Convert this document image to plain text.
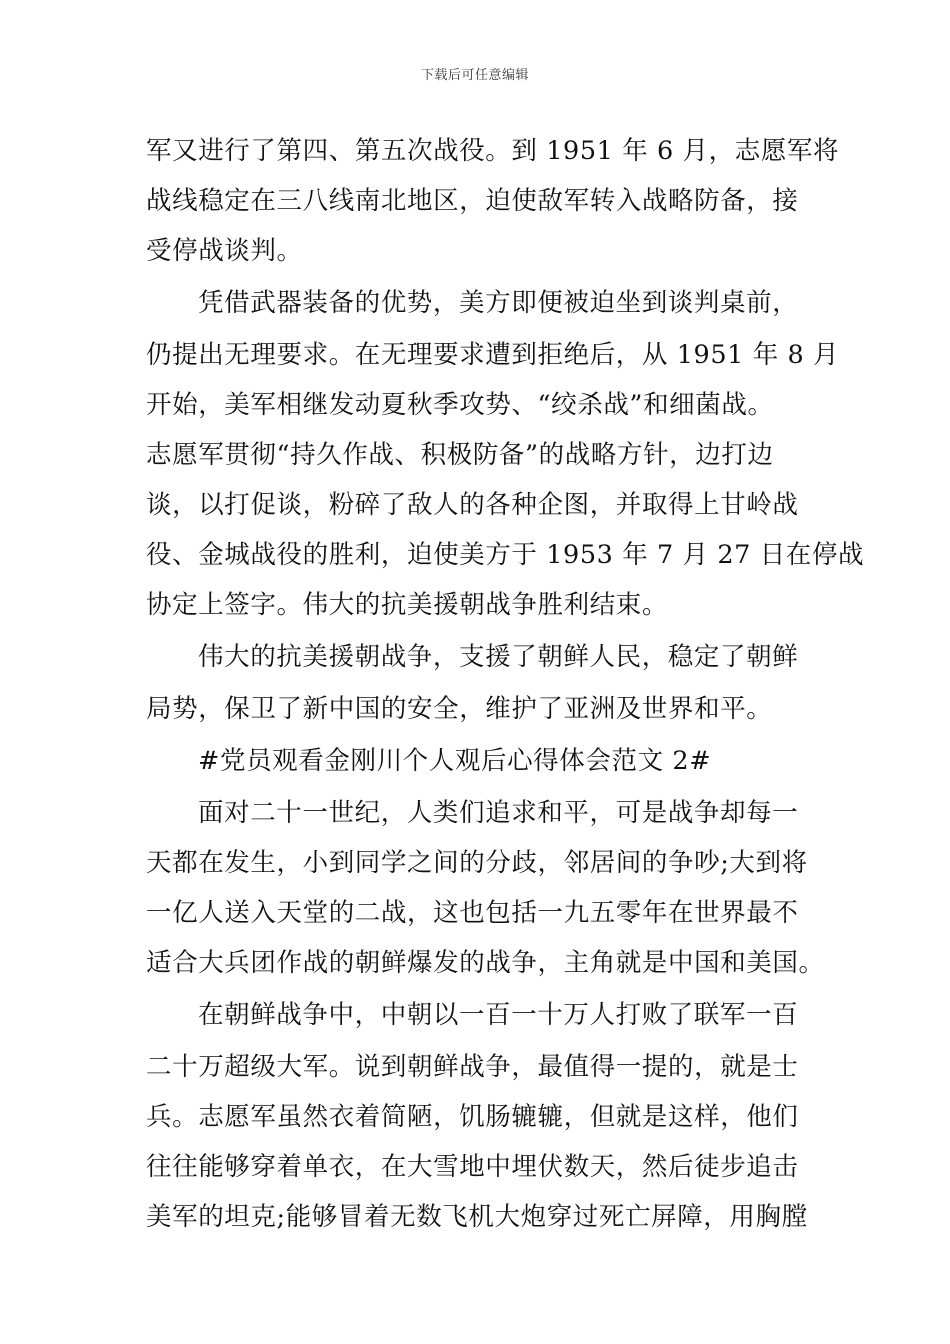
下载后可任意编辑
军又进行了第四、第五次战役。到 1951 年 6 月，志愿军将
战线稳定在三八线南北地区，迫使敌军转入战略防备，接
受停战谈判。
凭借武器装备的优势，美方即便被迫坐到谈判桌前，
仍提出无理要求。在无理要求遭到拒绝后，从 1951 年 8 月
开始，美军相继发动夏秋季攻势、“绞杀战”和细菌战。
志愿军贯彻“持久作战、积极防备”的战略方针，边打边
谈，以打促谈，粉碎了敌人的各种企图，并取得上甘岭战
役、金城战役的胜利，迫使美方于 1953 年 7 月 27 日在停战
协定上签字。伟大的抗美援朝战争胜利结束。
伟大的抗美援朝战争，支援了朝鲜人民，稳定了朝鲜
局势，保卫了新中国的安全，维护了亚洲及世界和平。
#党员观看金刚川个人观后心得体会范文 2#
面对二十一世纪，人类们追求和平，可是战争却每一
天都在发生，小到同学之间的分歧，邻居间的争吵;大到将
一亿人送入天堂的二战，这也包括一九五零年在世界最不
适合大兵团作战的朝鲜爆发的战争，主角就是中国和美国。
在朝鲜战争中，中朝以一百一十万人打败了联军一百
二十万超级大军。说到朝鲜战争，最值得一提的，就是士
兵。志愿军虽然衣着简陋，饥肠辘辘，但就是这样，他们
往往能够穿着单衣，在大雪地中埋伏数天，然后徒步追击
美军的坦克;能够冒着无数飞机大炮穿过死亡屏障，用胸膛
